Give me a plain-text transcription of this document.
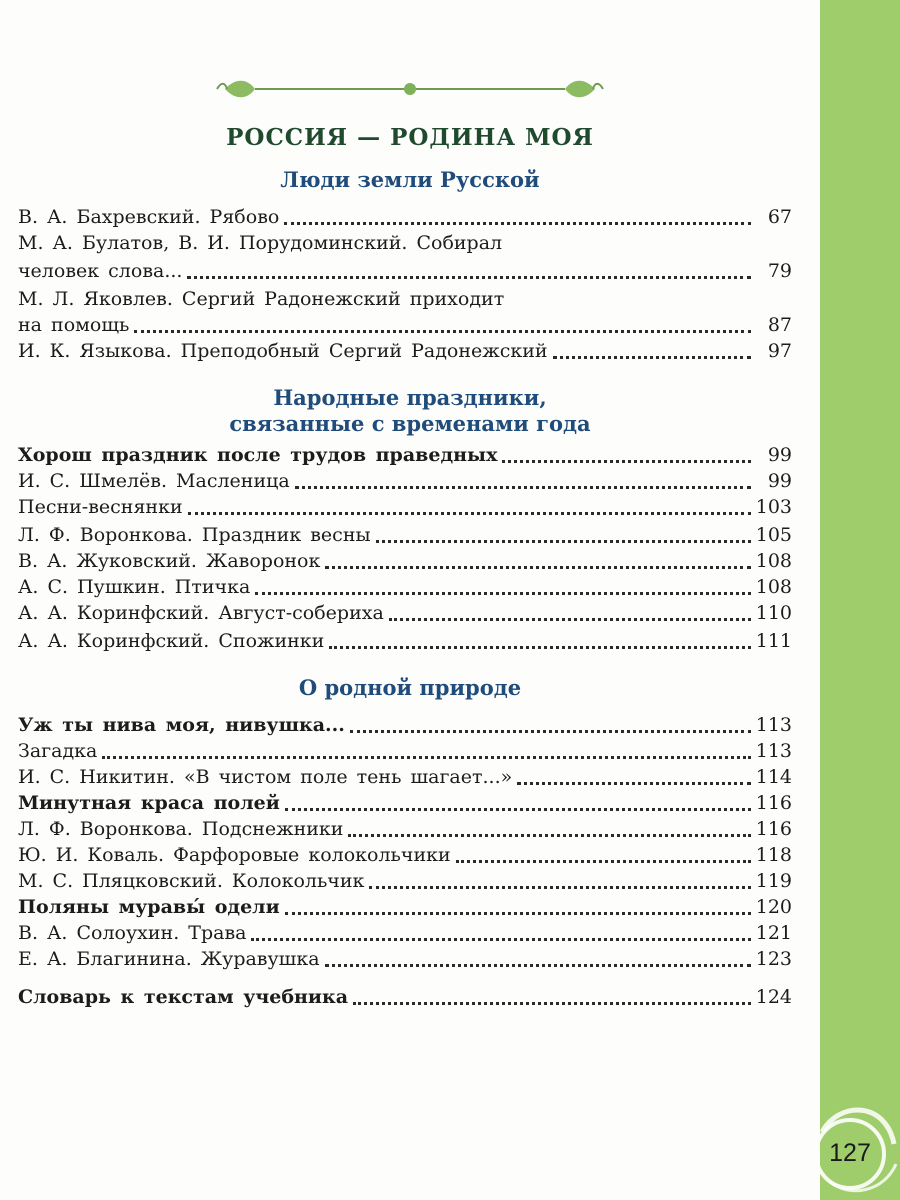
РОССИЯ — РОДИНА МОЯ
Люди земли Русской
В. А. Бахревский. Рябово	67
М. А. Булатов, В. И. Порудоминский. Собирал
человек слова...	79
М. Л. Яковлев. Сергий Радонежский приходит
на помощь	87
И. К. Языкова. Преподобный Сергий Радонежский	97
Народные праздники,
связанные с временами года
Хорош праздник после трудов праведных	99
И. С. Шмелёв. Масленица	99
Песни-веснянки	103
Л. Ф. Воронкова. Праздник весны	105
В. А. Жуковский. Жаворонок	108
А. С. Пушкин. Птичка	108
А. А. Коринфский. Август-собериха	110
А. А. Коринфский. Спожинки	111
О родной природе
Уж ты нива моя, нивушка...	113
Загадка	113
И. С. Никитин. «В чистом поле тень шагает...»	114
Минутная краса полей	116
Л. Ф. Воронкова. Подснежники	116
Ю. И. Коваль. Фарфоровые колокольчики	118
М. С. Пляцковский. Колокольчик	119
Поляны муравы́ одели	120
В. А. Солоухин. Трава	121
Е. А. Благинина. Журавушка	123
Словарь к текстам учебника	124
127
